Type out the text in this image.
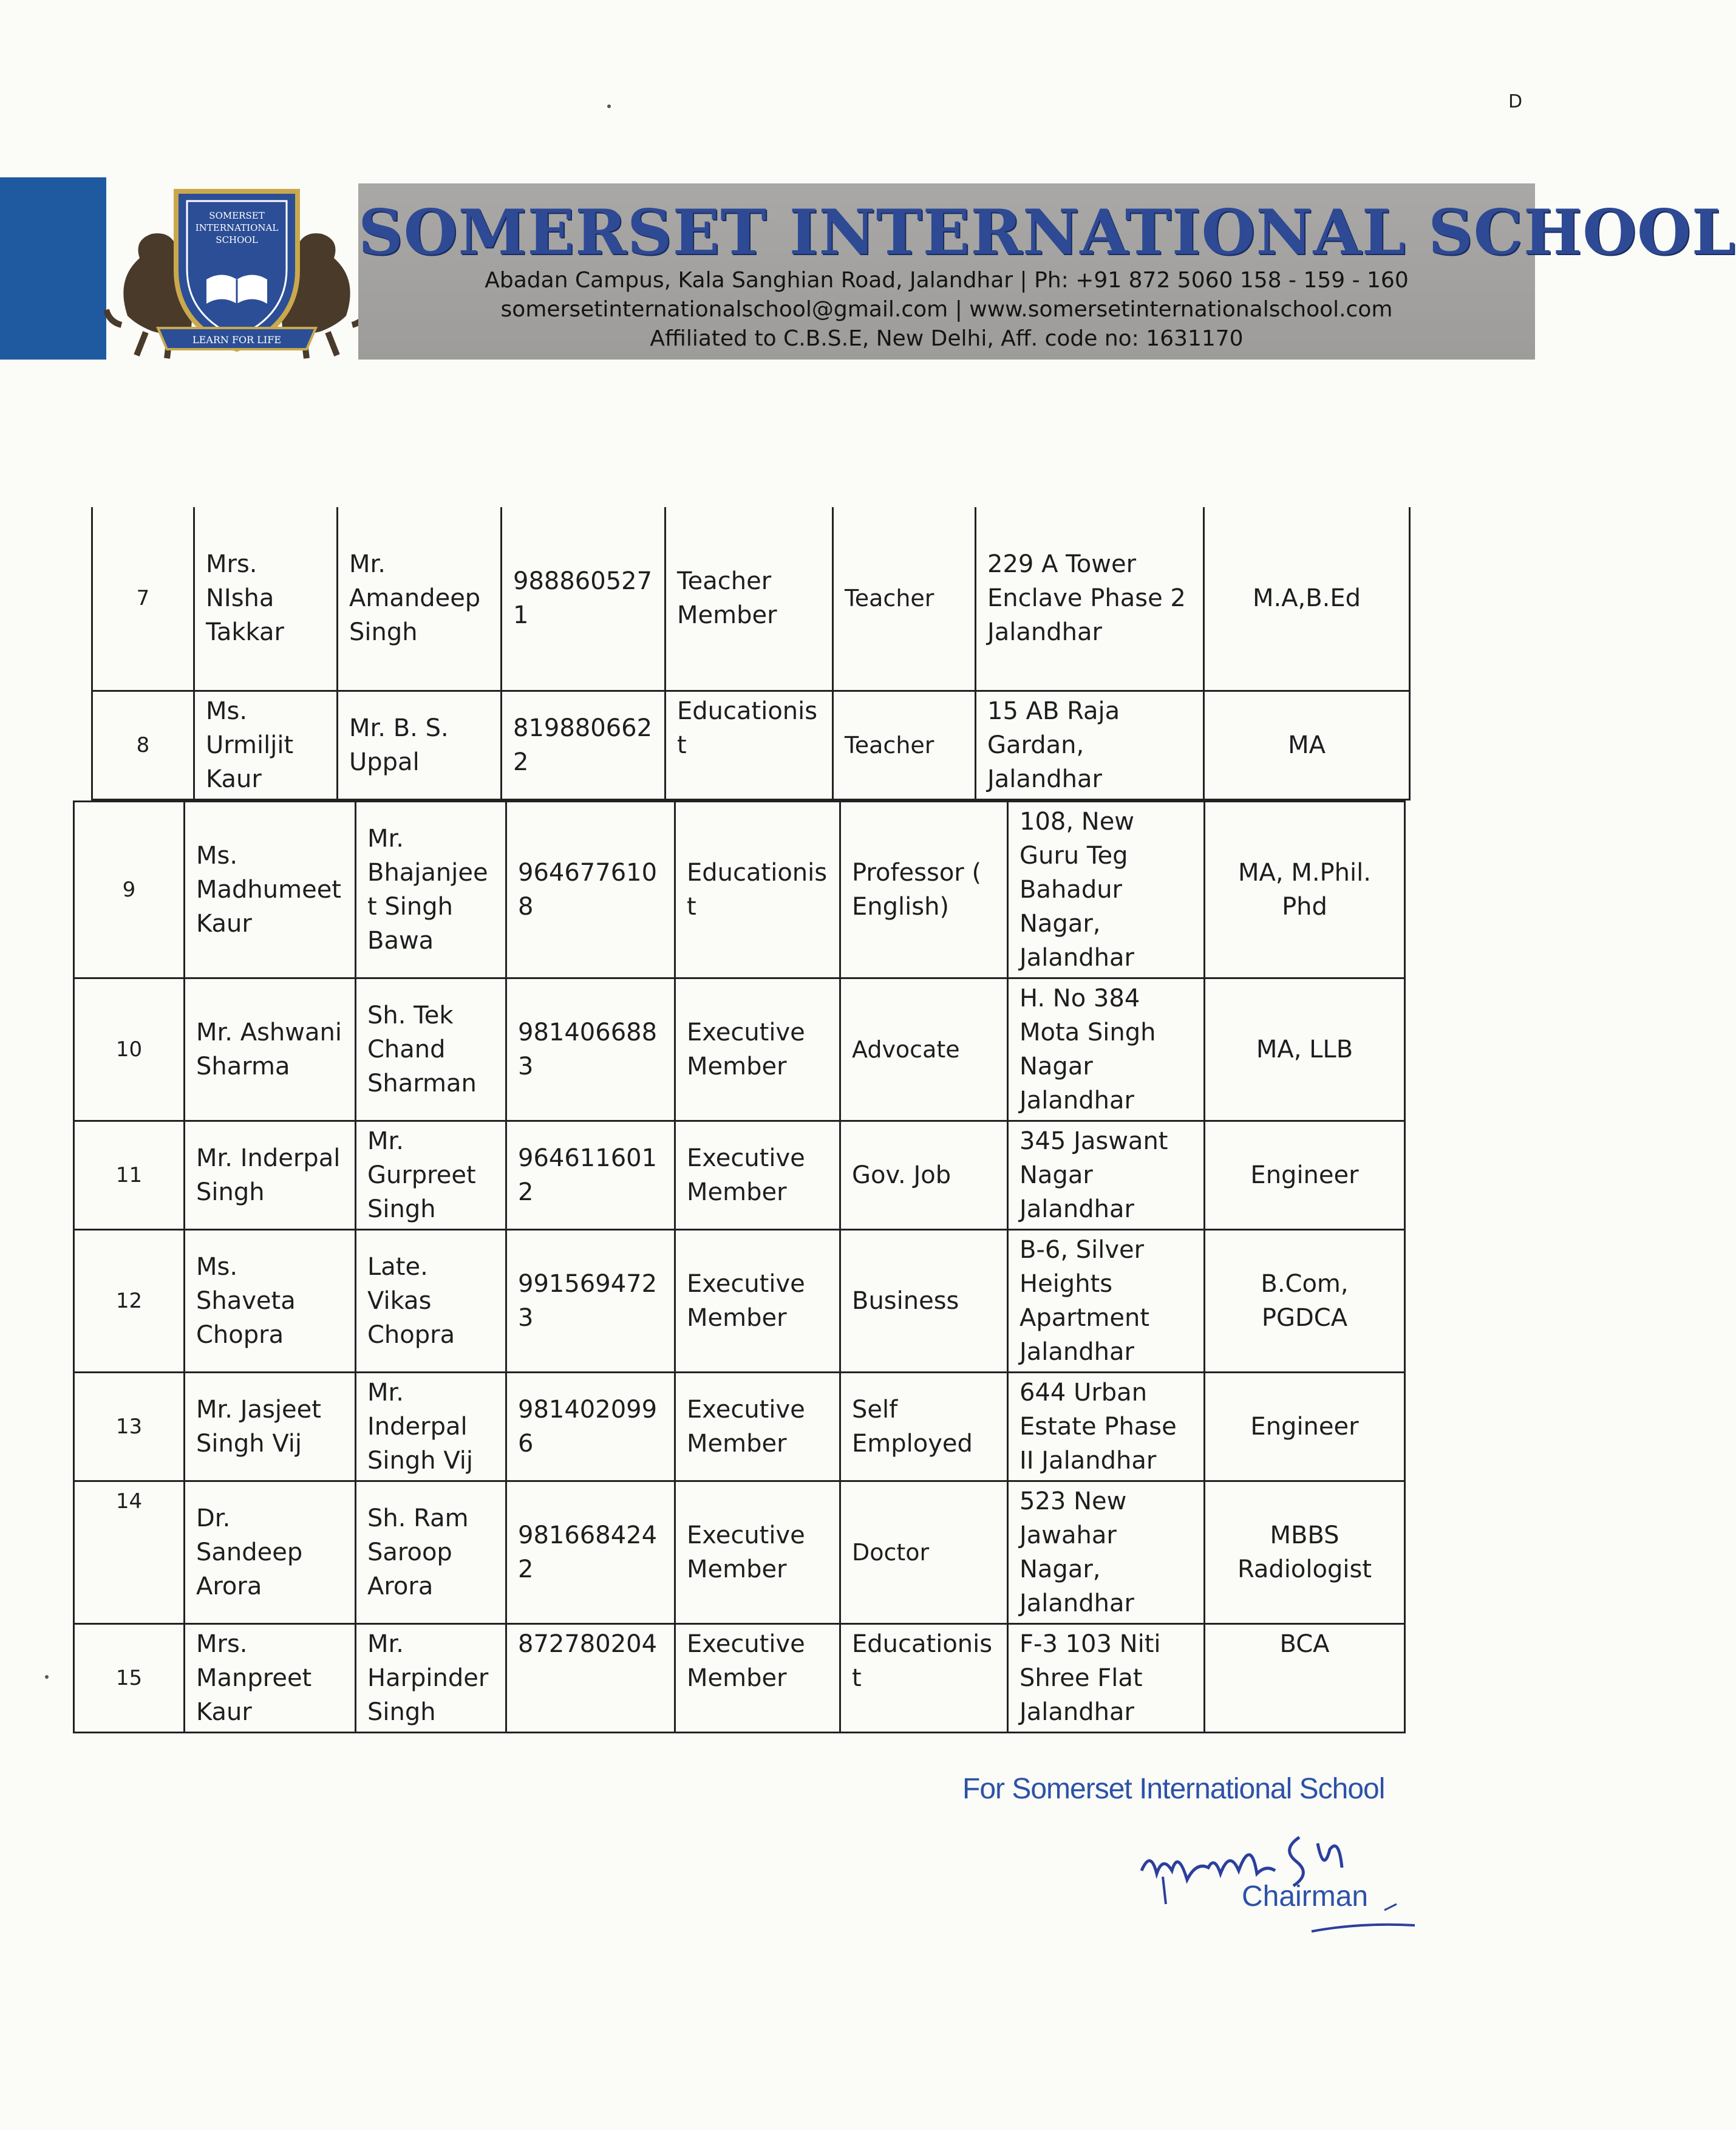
D
SOMERSET
INTERNATIONAL
SCHOOL
LEARN FOR LIFE
SOMERSET INTERNATIONAL SCHOOL
Abadan Campus, Kala Sanghian Road, Jalandhar | Ph: +91 872 5060 158 - 159 - 160
somersetinternationalschool@gmail.com | www.somersetinternationalschool.com
Affiliated to C.B.S.E, New Delhi, Aff. code no: 1631170
7	Mrs. NIsha Takkar	Mr. Amandeep Singh	9888605271	Teacher Member	Teacher	229 A Tower Enclave Phase 2 Jalandhar	M.A,B.Ed
8	Ms. Urmiljit Kaur	Mr. B. S. Uppal	8198806622	Educationist	Teacher	15 AB Raja Gardan, Jalandhar	MA
9	Ms. Madhumeet Kaur	Mr. Bhajanjeet Singh Bawa	9646776108	Educationist	Professor ( English)	108, New Guru Teg Bahadur Nagar, Jalandhar	MA, M.Phil. Phd
10	Mr. Ashwani Sharma	Sh. Tek Chand Sharman	9814066883	Executive Member	Advocate	H. No 384 Mota Singh Nagar Jalandhar	MA, LLB
11	Mr. Inderpal Singh	Mr. Gurpreet Singh	9646116012	Executive Member	Gov. Job	345 Jaswant Nagar Jalandhar	Engineer
12	Ms. Shaveta Chopra	Late. Vikas Chopra	9915694723	Executive Member	Business	B-6, Silver Heights Apartment Jalandhar	B.Com, PGDCA
13	Mr. Jasjeet Singh Vij	Mr. Inderpal Singh Vij	9814020996	Executive Member	Self Employed	644 Urban Estate Phase II Jalandhar	Engineer
14	Dr. Sandeep Arora	Sh. Ram Saroop Arora	9816684242	Executive Member	Doctor	523 New Jawahar Nagar, Jalandhar	MBBS Radiologist
15	Mrs. Manpreet Kaur	Mr. Harpinder Singh	872780204	Executive Member	Educationist	F-3 103 Niti Shree Flat Jalandhar	BCA
For Somerset International School
Chairman
